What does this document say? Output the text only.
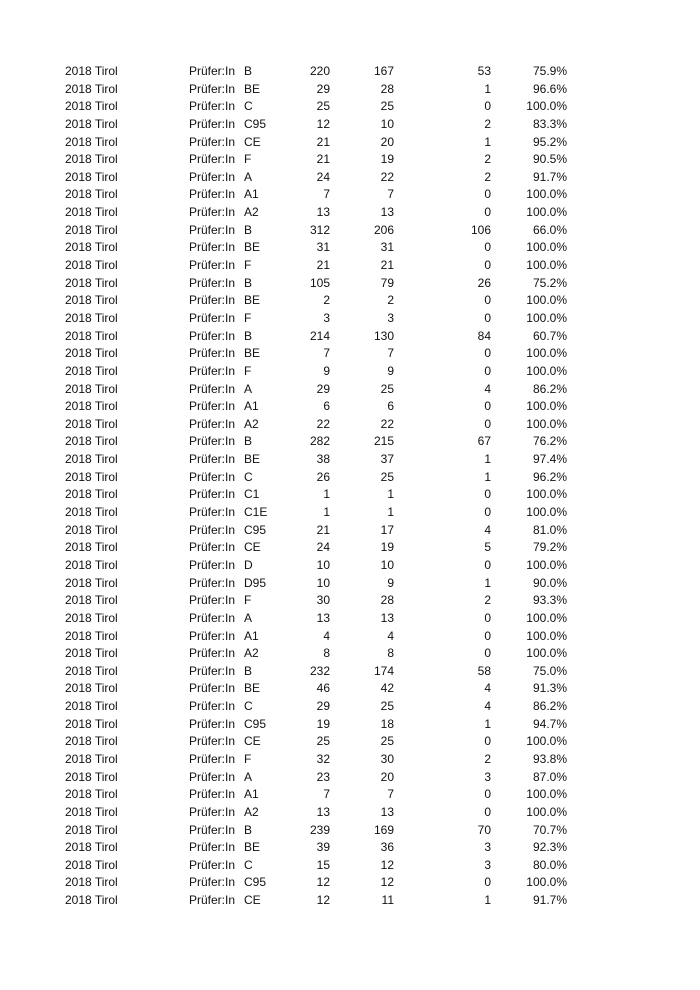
2018 Tirol	Prüfer:In B	220	167	53	75.9%
2018 Tirol	Prüfer:In BE	29	28	1	96.6%
2018 Tirol	Prüfer:In C	25	25	0	100.0%
2018 Tirol	Prüfer:In C95	12	10	2	83.3%
2018 Tirol	Prüfer:In CE	21	20	1	95.2%
2018 Tirol	Prüfer:In F	21	19	2	90.5%
2018 Tirol	Prüfer:In A	24	22	2	91.7%
2018 Tirol	Prüfer:In A1	7	7	0	100.0%
2018 Tirol	Prüfer:In A2	13	13	0	100.0%
2018 Tirol	Prüfer:In B	312	206	106	66.0%
2018 Tirol	Prüfer:In BE	31	31	0	100.0%
2018 Tirol	Prüfer:In F	21	21	0	100.0%
2018 Tirol	Prüfer:In B	105	79	26	75.2%
2018 Tirol	Prüfer:In BE	2	2	0	100.0%
2018 Tirol	Prüfer:In F	3	3	0	100.0%
2018 Tirol	Prüfer:In B	214	130	84	60.7%
2018 Tirol	Prüfer:In BE	7	7	0	100.0%
2018 Tirol	Prüfer:In F	9	9	0	100.0%
2018 Tirol	Prüfer:In A	29	25	4	86.2%
2018 Tirol	Prüfer:In A1	6	6	0	100.0%
2018 Tirol	Prüfer:In A2	22	22	0	100.0%
2018 Tirol	Prüfer:In B	282	215	67	76.2%
2018 Tirol	Prüfer:In BE	38	37	1	97.4%
2018 Tirol	Prüfer:In C	26	25	1	96.2%
2018 Tirol	Prüfer:In C1	1	1	0	100.0%
2018 Tirol	Prüfer:In C1E	1	1	0	100.0%
2018 Tirol	Prüfer:In C95	21	17	4	81.0%
2018 Tirol	Prüfer:In CE	24	19	5	79.2%
2018 Tirol	Prüfer:In D	10	10	0	100.0%
2018 Tirol	Prüfer:In D95	10	9	1	90.0%
2018 Tirol	Prüfer:In F	30	28	2	93.3%
2018 Tirol	Prüfer:In A	13	13	0	100.0%
2018 Tirol	Prüfer:In A1	4	4	0	100.0%
2018 Tirol	Prüfer:In A2	8	8	0	100.0%
2018 Tirol	Prüfer:In B	232	174	58	75.0%
2018 Tirol	Prüfer:In BE	46	42	4	91.3%
2018 Tirol	Prüfer:In C	29	25	4	86.2%
2018 Tirol	Prüfer:In C95	19	18	1	94.7%
2018 Tirol	Prüfer:In CE	25	25	0	100.0%
2018 Tirol	Prüfer:In F	32	30	2	93.8%
2018 Tirol	Prüfer:In A	23	20	3	87.0%
2018 Tirol	Prüfer:In A1	7	7	0	100.0%
2018 Tirol	Prüfer:In A2	13	13	0	100.0%
2018 Tirol	Prüfer:In B	239	169	70	70.7%
2018 Tirol	Prüfer:In BE	39	36	3	92.3%
2018 Tirol	Prüfer:In C	15	12	3	80.0%
2018 Tirol	Prüfer:In C95	12	12	0	100.0%
2018 Tirol	Prüfer:In CE	12	11	1	91.7%
